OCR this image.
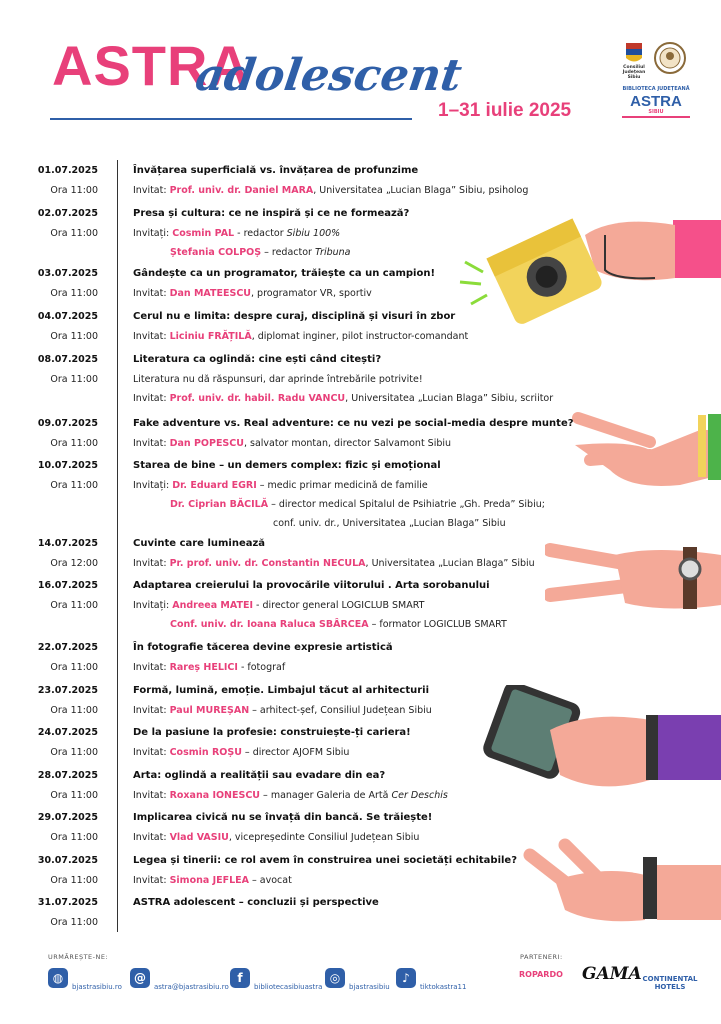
ASTRA
adolescent
1–31 iulie 2025
Consiliul Județean Sibiu
BIBLIOTECA JUDEȚEANĂ
ASTRA
SIBIU
01.07.2025
Ora 11:00
Învățarea superficială vs. învățarea de profunzime
Invitat: Prof. univ. dr. Daniel MARA, Universitatea „Lucian Blaga” Sibiu, psiholog
02.07.2025
Ora 11:00
Presa și cultura: ce ne inspiră și ce ne formează?
Invitați: Cosmin PAL - redactor Sibiu 100%
Ștefania COLPOȘ – redactor Tribuna
03.07.2025
Ora 11:00
Gândește ca un programator, trăiește ca un campion!
Invitat: Dan MATEESCU, programator VR, sportiv
04.07.2025
Ora 11:00
Cerul nu e limita: despre curaj, disciplină și visuri în zbor
Invitat: Liciniu FRĂȚILĂ, diplomat inginer, pilot instructor-comandant
08.07.2025
Ora 11:00
Literatura ca oglindă: cine ești când citești?
Literatura nu dă răspunsuri, dar aprinde întrebările potrivite!
Invitat: Prof. univ. dr. habil. Radu VANCU, Universitatea „Lucian Blaga” Sibiu, scriitor
09.07.2025
Ora 11:00
Fake adventure vs. Real adventure: ce nu vezi pe social-media despre munte?
Invitat: Dan POPESCU, salvator montan, director Salvamont Sibiu
10.07.2025
Ora 11:00
Starea de bine – un demers complex: fizic și emoțional
Invitați: Dr. Eduard EGRI – medic primar medicină de familie
Dr. Ciprian BĂCILĂ – director medical Spitalul de Psihiatrie „Gh. Preda” Sibiu;
conf. univ. dr., Universitatea „Lucian Blaga” Sibiu
14.07.2025
Ora 12:00
Cuvinte care luminează
Invitat: Pr. prof. univ. dr. Constantin NECULA, Universitatea „Lucian Blaga” Sibiu
16.07.2025
Ora 11:00
Adaptarea creierului la provocările viitorului . Arta sorobanului
Invitați: Andreea MATEI - director general LOGICLUB SMART
Conf. univ. dr. Ioana Raluca SBÂRCEA – formator LOGICLUB SMART
22.07.2025
Ora 11:00
În fotografie tăcerea devine expresie artistică
Invitat: Rareș HELICI - fotograf
23.07.2025
Ora 11:00
Formă, lumină, emoție. Limbajul tăcut al arhitecturii
Invitat: Paul MUREȘAN – arhitect-șef, Consiliul Județean Sibiu
24.07.2025
Ora 11:00
De la pasiune la profesie: construiește-ți cariera!
Invitat: Cosmin ROȘU – director AJOFM Sibiu
28.07.2025
Ora 11:00
Arta: oglindă a realității sau evadare din ea?
Invitat: Roxana IONESCU – manager Galeria de Artă Cer Deschis
29.07.2025
Ora 11:00
Implicarea civică nu se învață din bancă. Se trăiește!
Invitat: Vlad VASIU, vicepreședinte Consiliul Județean Sibiu
30.07.2025
Ora 11:00
Legea și tinerii: ce rol avem în construirea unei societăți echitabile?
Invitat: Simona JEFLEA – avocat
31.07.2025
Ora 11:00
ASTRA adolescent – concluzii și perspective
URMĂREȘTE-NE:	PARTENERI:
◍
bjastrasibiu.ro
@
astra@bjastrasibiu.ro
f
bibliotecasibiuastra
◎
bjastrasibiu
♪
tiktokastra11
ROPARDO GAMA CONTINENTAL
HOTELS
